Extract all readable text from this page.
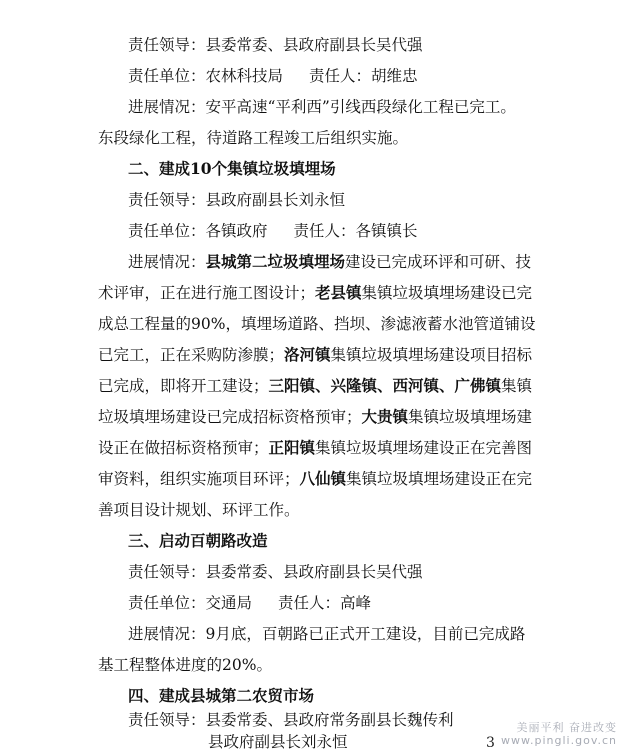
责任领导：县委常委、县政府副县长吴代强
责任单位：农林科技局 责任人：胡维忠
进展情况：安平高速“平利西”引线西段绿化工程已完工。
东段绿化工程，待道路工程竣工后组织实施。
二、建成10个集镇垃圾填埋场
责任领导：县政府副县长刘永恒
责任单位：各镇政府 责任人：各镇镇长
进展情况：县城第二垃圾填埋场建设已完成环评和可研、技
术评审，正在进行施工图设计；老县镇集镇垃圾填埋场建设已完
成总工程量的90%，填埋场道路、挡坝、渗滤液蓄水池管道铺设
已完工，正在采购防渗膜；洛河镇集镇垃圾填埋场建设项目招标
已完成，即将开工建设；三阳镇、兴隆镇、西河镇、广佛镇集镇
垃圾填埋场建设已完成招标资格预审；大贵镇集镇垃圾填埋场建
设正在做招标资格预审；正阳镇集镇垃圾填埋场建设正在完善图
审资料，组织实施项目环评；八仙镇集镇垃圾填埋场建设正在完
善项目设计规划、环评工作。
三、启动百朝路改造
责任领导：县委常委、县政府副县长吴代强
责任单位：交通局 责任人：高峰
进展情况：9月底，百朝路已正式开工建设，目前已完成路
基工程整体进度的20%。
四、建成县城第二农贸市场
责任领导：县委常委、县政府常务副县长魏传利
县政府副县长刘永恒
美丽平利 奋进改变
www.pingli.gov.cn
3
